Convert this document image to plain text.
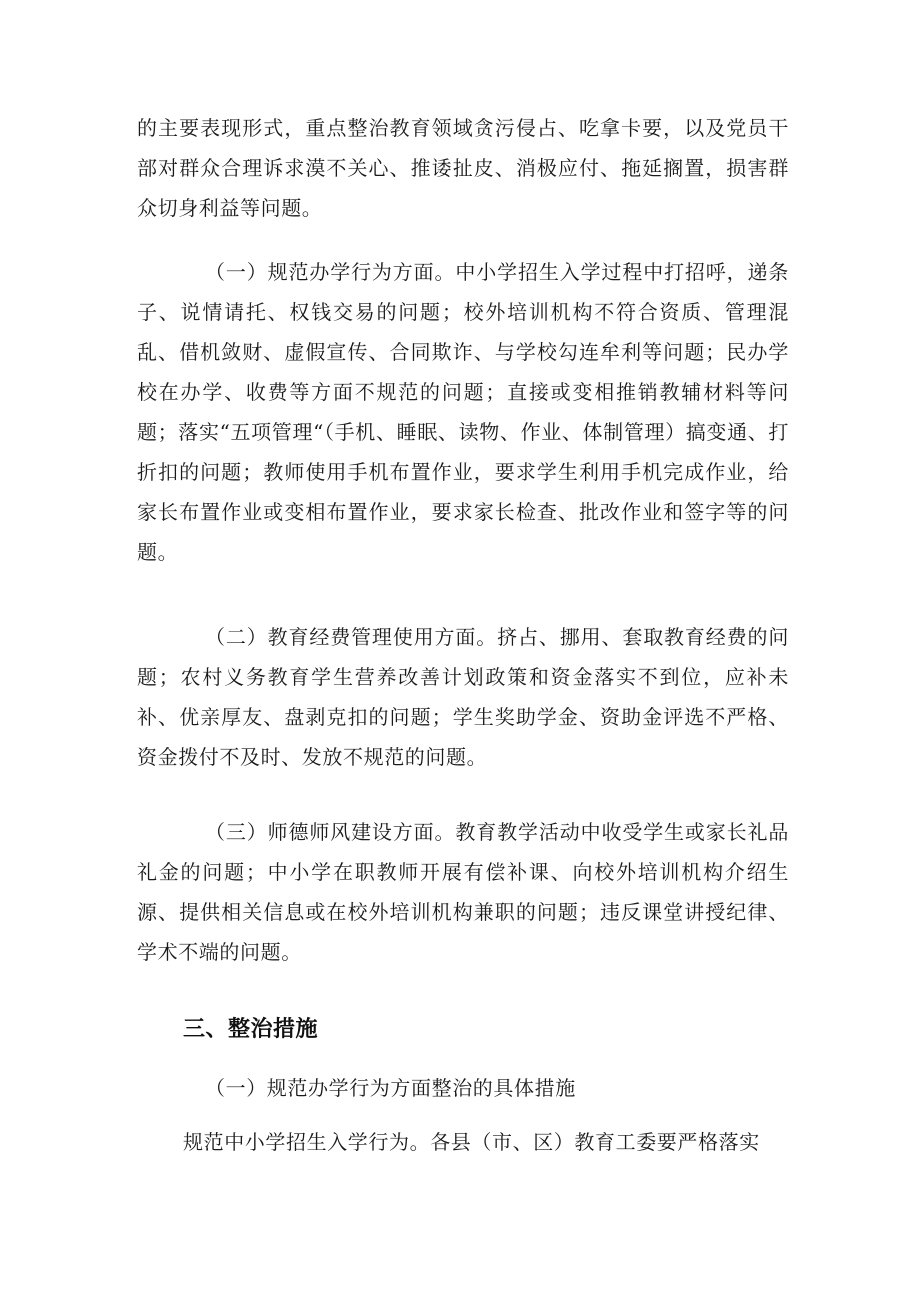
的主要表现形式，重点整治教育领域贪污侵占、吃拿卡要，以及党员干部对群众合理诉求漠不关心、推诿扯皮、消极应付、拖延搁置，损害群众切身利益等问题。

（一）规范办学行为方面。中小学招生入学过程中打招呼，递条子、说情请托、权钱交易的问题；校外培训机构不符合资质、管理混乱、借机敛财、虚假宣传、合同欺诈、与学校勾连牟利等问题；民办学校在办学、收费等方面不规范的问题；直接或变相推销教辅材料等问题；落实“五项管理“（手机、睡眠、读物、作业、体制管理）搞变通、打折扣的问题；教师使用手机布置作业，要求学生利用手机完成作业，给家长布置作业或变相布置作业，要求家长检查、批改作业和签字等的问题。

（二）教育经费管理使用方面。挤占、挪用、套取教育经费的问题；农村义务教育学生营养改善计划政策和资金落实不到位，应补未补、优亲厚友、盘剥克扣的问题；学生奖助学金、资助金评选不严格、资金拨付不及时、发放不规范的问题。

（三）师德师风建设方面。教育教学活动中收受学生或家长礼品礼金的问题；中小学在职教师开展有偿补课、向校外培训机构介绍生源、提供相关信息或在校外培训机构兼职的问题；违反课堂讲授纪律、学术不端的问题。

三、整治措施

（一）规范办学行为方面整治的具体措施

规范中小学招生入学行为。各县（市、区）教育工委要严格落实
